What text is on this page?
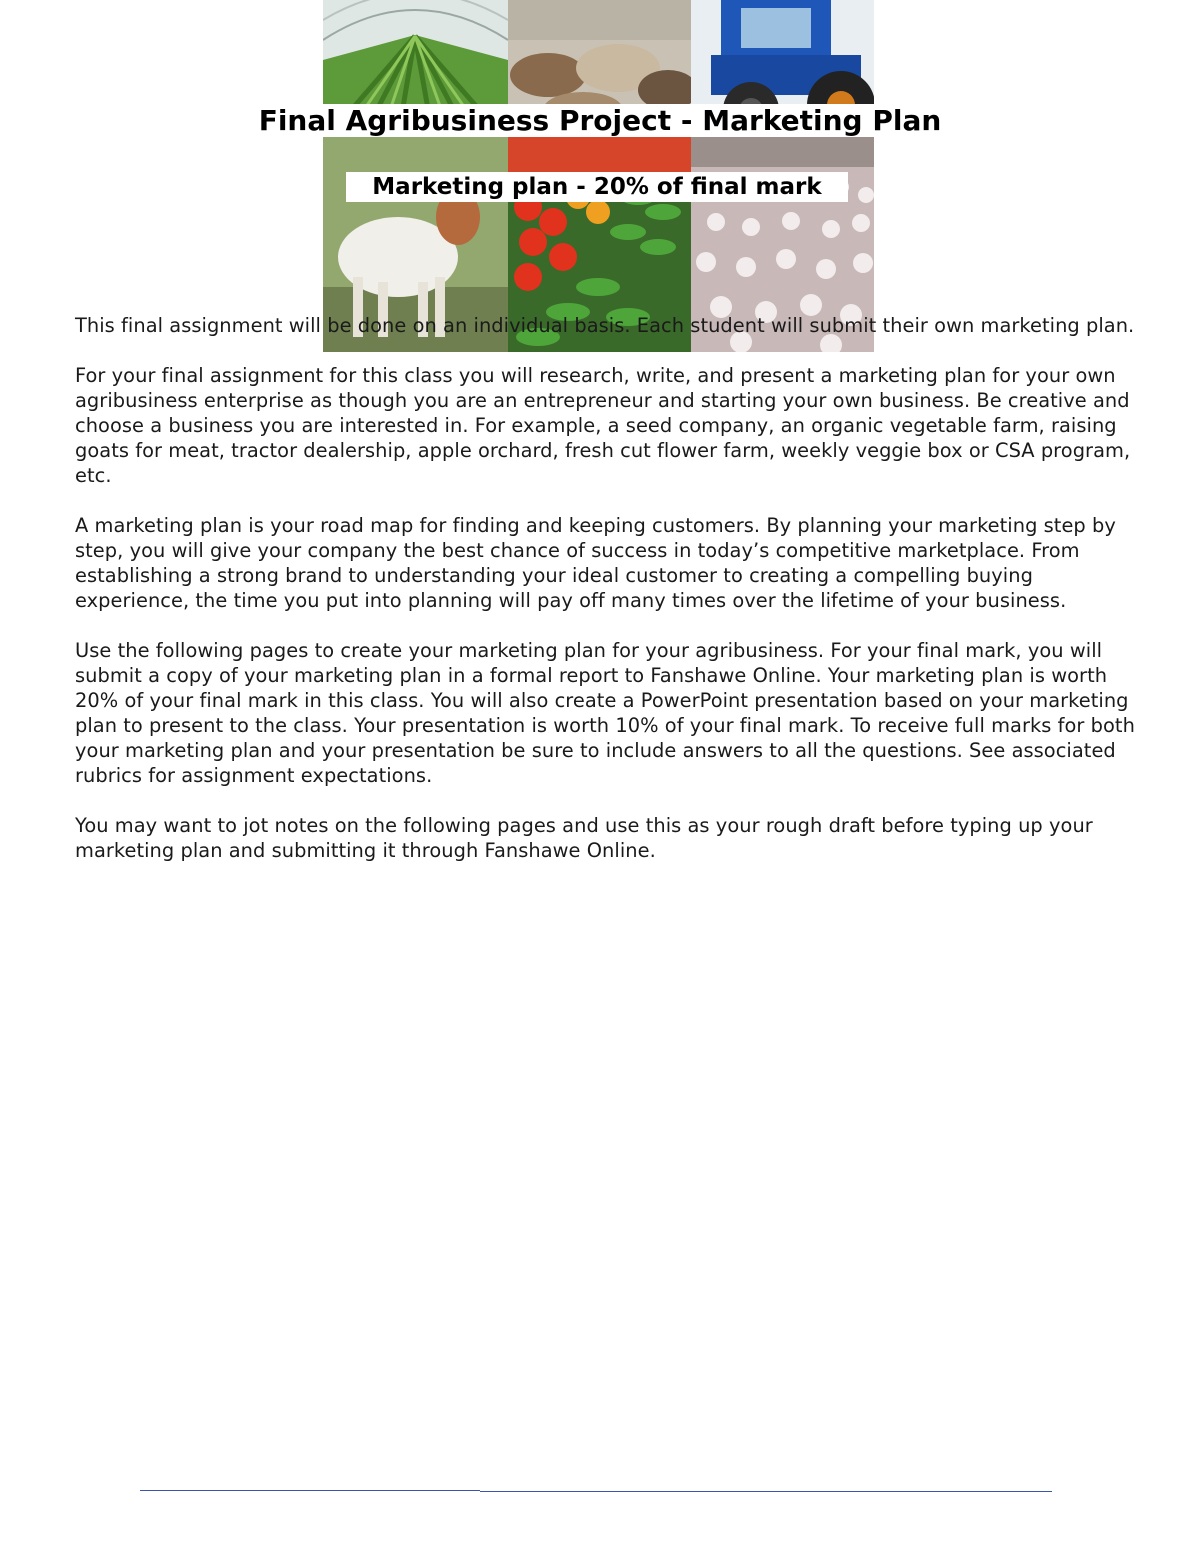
Final Agribusiness Project - Marketing Plan
Marketing plan - 20% of final mark

This final assignment will be done on an individual basis. Each student will submit their own marketing plan.

For your final assignment for this class you will research, write, and present a marketing plan for your own agribusiness enterprise as though you are an entrepreneur and starting your own business. Be creative and choose a business you are interested in. For example, a seed company, an organic vegetable farm, raising goats for meat, tractor dealership, apple orchard, fresh cut flower farm, weekly veggie box or CSA program, etc.

A marketing plan is your road map for finding and keeping customers. By planning your marketing step by step, you will give your company the best chance of success in today’s competitive marketplace. From establishing a strong brand to understanding your ideal customer to creating a compelling buying experience, the time you put into planning will pay off many times over the lifetime of your business.

Use the following pages to create your marketing plan for your agribusiness. For your final mark, you will submit a copy of your marketing plan in a formal report to Fanshawe Online. Your marketing plan is worth 20% of your final mark in this class. You will also create a PowerPoint presentation based on your marketing plan to present to the class. Your presentation is worth 10% of your final mark. To receive full marks for both your marketing plan and your presentation be sure to include answers to all the questions. See associated rubrics for assignment expectations.

You may want to jot notes on the following pages and use this as your rough draft before typing up your marketing plan and submitting it through Fanshawe Online.
